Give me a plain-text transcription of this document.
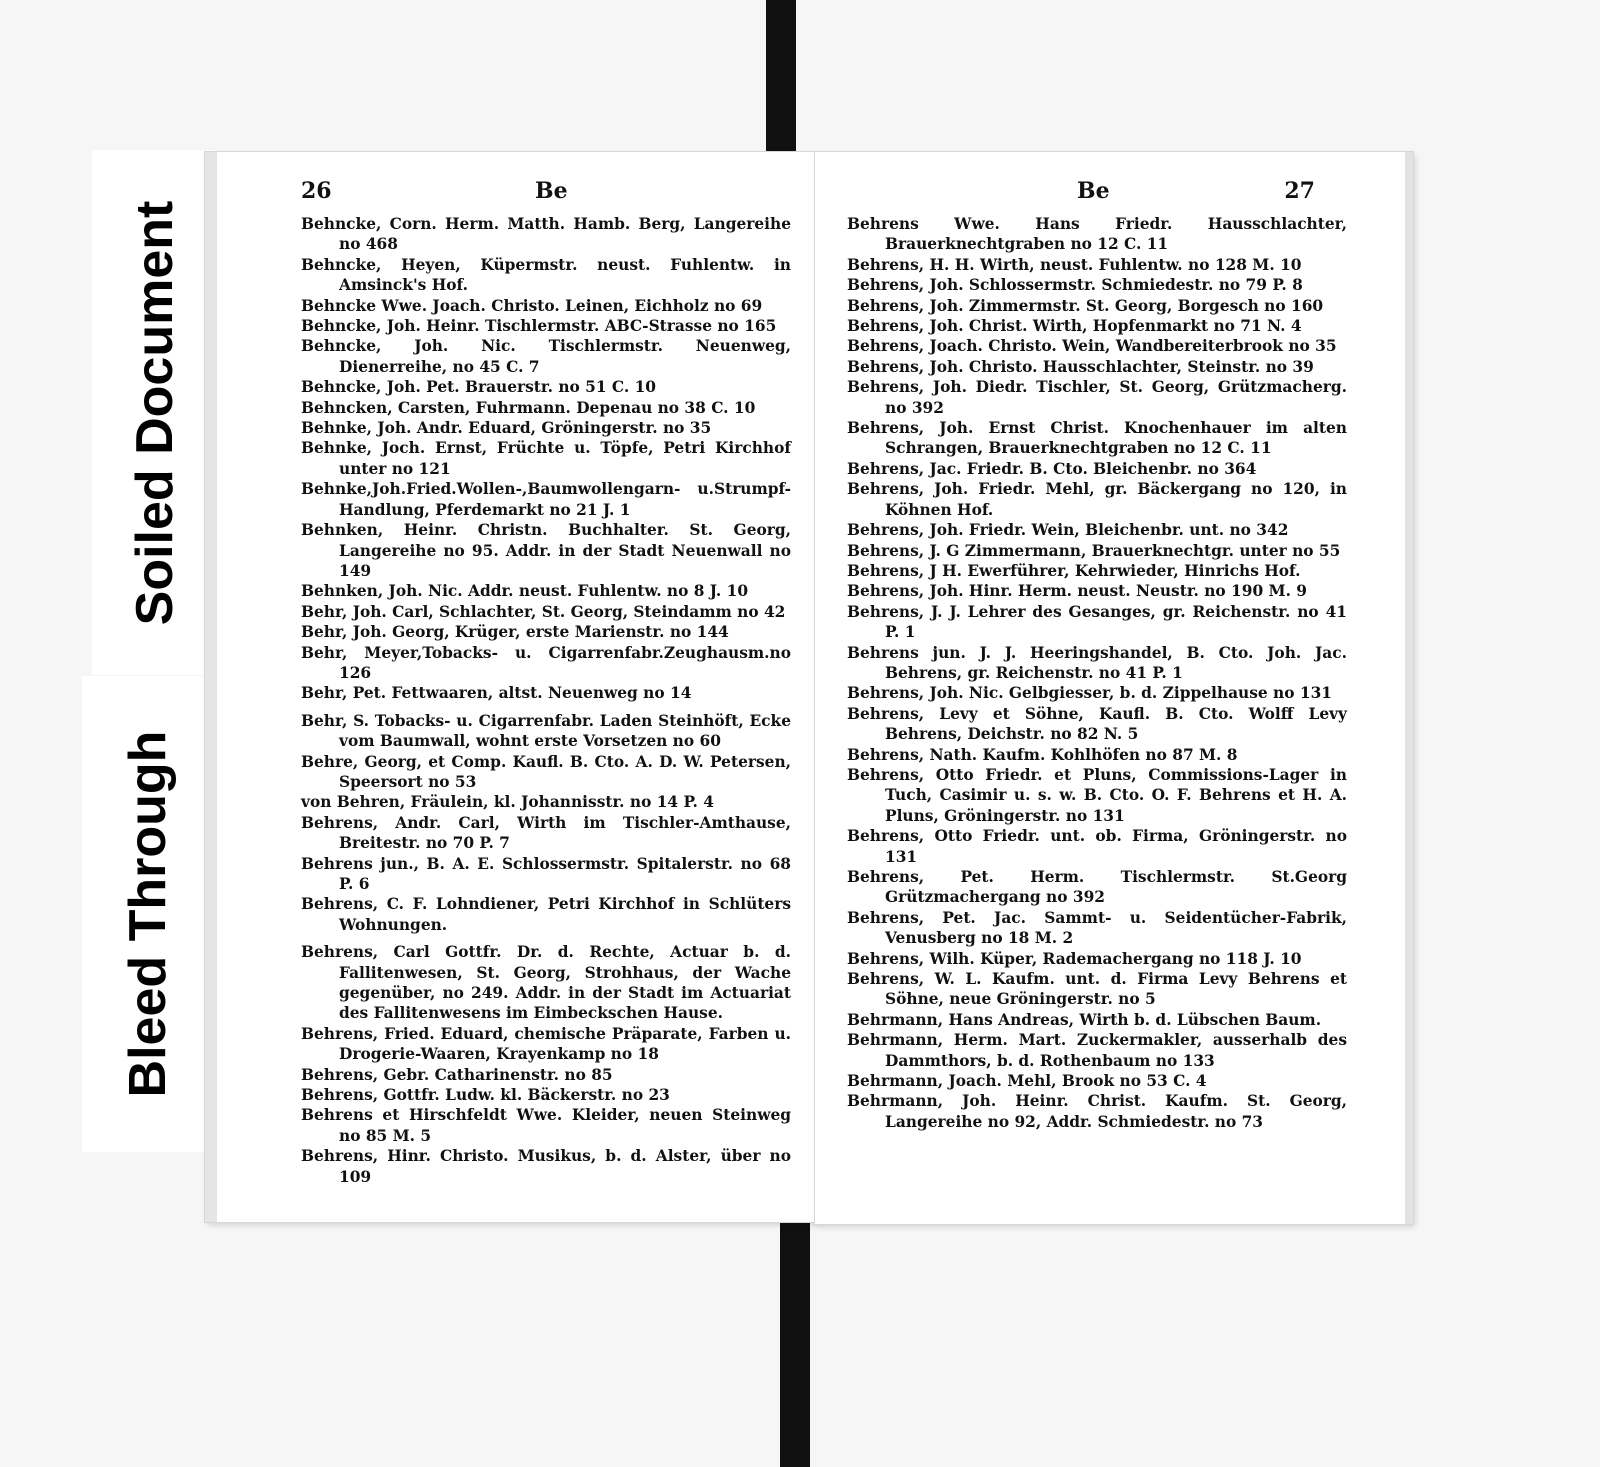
Soiled Document
Bleed Through
26	Be
Behncke, Corn. Herm. Matth. Hamb. Berg, Langereihe no 468
Behncke, Heyen, Küpermstr. neust. Fuhlentw. in Amsinck's Hof.
Behncke Wwe. Joach. Christo. Leinen, Eichholz no 69
Behncke, Joh. Heinr. Tischlermstr. ABC-Strasse no 165
Behncke, Joh. Nic. Tischlermstr. Neuenweg, Dienerreihe, no 45 C. 7
Behncke, Joh. Pet. Brauerstr. no 51 C. 10
Behncken, Carsten, Fuhrmann. Depenau no 38 C. 10
Behnke, Joh. Andr. Eduard, Gröningerstr. no 35
Behnke, Joch. Ernst, Früchte u. Töpfe, Petri Kirchhof unter no 121
Behnke,Joh.Fried.Wollen-,Baumwollengarn- u.Strumpf-Handlung, Pferdemarkt no 21 J. 1
Behnken, Heinr. Christn. Buchhalter. St. Georg, Langereihe no 95. Addr. in der Stadt Neuenwall no 149
Behnken, Joh. Nic. Addr. neust. Fuhlentw. no 8 J. 10
Behr, Joh. Carl, Schlachter, St. Georg, Steindamm no 42
Behr, Joh. Georg, Krüger, erste Marienstr. no 144
Behr, Meyer,Tobacks- u. Cigarrenfabr.Zeughausm.no 126
Behr, Pet. Fettwaaren, altst. Neuenweg no 14
Behr, S. Tobacks- u. Cigarrenfabr. Laden Steinhöft, Ecke vom Baumwall, wohnt erste Vorsetzen no 60
Behre, Georg, et Comp. Kaufl. B. Cto. A. D. W. Petersen, Speersort no 53
von Behren, Fräulein, kl. Johannisstr. no 14 P. 4
Behrens, Andr. Carl, Wirth im Tischler-Amthause, Breitestr. no 70 P. 7
Behrens jun., B. A. E. Schlossermstr. Spitalerstr. no 68 P. 6
Behrens, C. F. Lohndiener, Petri Kirchhof in Schlüters Wohnungen.
Behrens, Carl Gottfr. Dr. d. Rechte, Actuar b. d. Fallitenwesen, St. Georg, Strohhaus, der Wache gegenüber, no 249. Addr. in der Stadt im Actuariat des Fallitenwesens im Eimbeckschen Hause.
Behrens, Fried. Eduard, chemische Präparate, Farben u. Drogerie-Waaren, Krayenkamp no 18
Behrens, Gebr. Catharinenstr. no 85
Behrens, Gottfr. Ludw. kl. Bäckerstr. no 23
Behrens et Hirschfeldt Wwe. Kleider, neuen Steinweg no 85 M. 5
Behrens, Hinr. Christo. Musikus, b. d. Alster, über no 109
Be	27
Behrens Wwe. Hans Friedr. Hausschlachter, Brauerknechtgraben no 12 C. 11
Behrens, H. H. Wirth, neust. Fuhlentw. no 128 M. 10
Behrens, Joh. Schlossermstr. Schmiedestr. no 79 P. 8
Behrens, Joh. Zimmermstr. St. Georg, Borgesch no 160
Behrens, Joh. Christ. Wirth, Hopfenmarkt no 71 N. 4
Behrens, Joach. Christo. Wein, Wandbereiterbrook no 35
Behrens, Joh. Christo. Hausschlachter, Steinstr. no 39
Behrens, Joh. Diedr. Tischler, St. Georg, Grützmacherg. no 392
Behrens, Joh. Ernst Christ. Knochenhauer im alten Schrangen, Brauerknechtgraben no 12 C. 11
Behrens, Jac. Friedr. B. Cto. Bleichenbr. no 364
Behrens, Joh. Friedr. Mehl, gr. Bäckergang no 120, in Köhnen Hof.
Behrens, Joh. Friedr. Wein, Bleichenbr. unt. no 342
Behrens, J. G Zimmermann, Brauerknechtgr. unter no 55
Behrens, J H. Ewerführer, Kehrwieder, Hinrichs Hof.
Behrens, Joh. Hinr. Herm. neust. Neustr. no 190 M. 9
Behrens, J. J. Lehrer des Gesanges, gr. Reichenstr. no 41 P. 1
Behrens jun. J. J. Heeringshandel, B. Cto. Joh. Jac. Behrens, gr. Reichenstr. no 41 P. 1
Behrens, Joh. Nic. Gelbgiesser, b. d. Zippelhause no 131
Behrens, Levy et Söhne, Kaufl. B. Cto. Wolff Levy Behrens, Deichstr. no 82 N. 5
Behrens, Nath. Kaufm. Kohlhöfen no 87 M. 8
Behrens, Otto Friedr. et Pluns, Commissions-Lager in Tuch, Casimir u. s. w. B. Cto. O. F. Behrens et H. A. Pluns, Gröningerstr. no 131
Behrens, Otto Friedr. unt. ob. Firma, Gröningerstr. no 131
Behrens, Pet. Herm. Tischlermstr. St.Georg Grützmachergang no 392
Behrens, Pet. Jac. Sammt- u. Seidentücher-Fabrik, Venusberg no 18 M. 2
Behrens, Wilh. Küper, Rademachergang no 118 J. 10
Behrens, W. L. Kaufm. unt. d. Firma Levy Behrens et Söhne, neue Gröningerstr. no 5
Behrmann, Hans Andreas, Wirth b. d. Lübschen Baum.
Behrmann, Herm. Mart. Zuckermakler, ausserhalb des Dammthors, b. d. Rothenbaum no 133
Behrmann, Joach. Mehl, Brook no 53 C. 4
Behrmann, Joh. Heinr. Christ. Kaufm. St. Georg, Langereihe no 92, Addr. Schmiedestr. no 73
